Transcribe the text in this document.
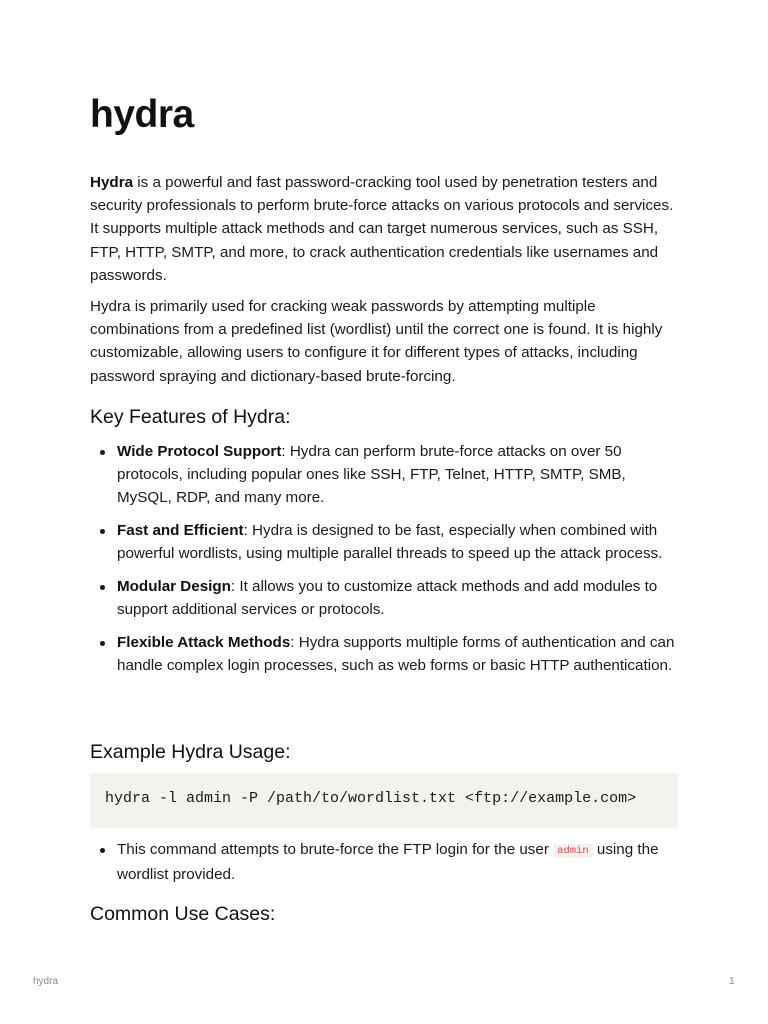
hydra

Hydra is a powerful and fast password-cracking tool used by penetration testers and security professionals to perform brute-force attacks on various protocols and services. It supports multiple attack methods and can target numerous services, such as SSH, FTP, HTTP, SMTP, and more, to crack authentication credentials like usernames and passwords.

Hydra is primarily used for cracking weak passwords by attempting multiple combinations from a predefined list (wordlist) until the correct one is found. It is highly customizable, allowing users to configure it for different types of attacks, including password spraying and dictionary-based brute-forcing.

Key Features of Hydra:
Wide Protocol Support: Hydra can perform brute-force attacks on over 50 protocols, including popular ones like SSH, FTP, Telnet, HTTP, SMTP, SMB, MySQL, RDP, and many more.
Fast and Efficient: Hydra is designed to be fast, especially when combined with powerful wordlists, using multiple parallel threads to speed up the attack process.
Modular Design: It allows you to customize attack methods and add modules to support additional services or protocols.
Flexible Attack Methods: Hydra supports multiple forms of authentication and can handle complex login processes, such as web forms or basic HTTP authentication.
Example Hydra Usage:
hydra -l admin -P /path/to/wordlist.txt <ftp://example.com>
This command attempts to brute-force the FTP login for the user admin using the wordlist provided.
Common Use Cases:
hydra	1
